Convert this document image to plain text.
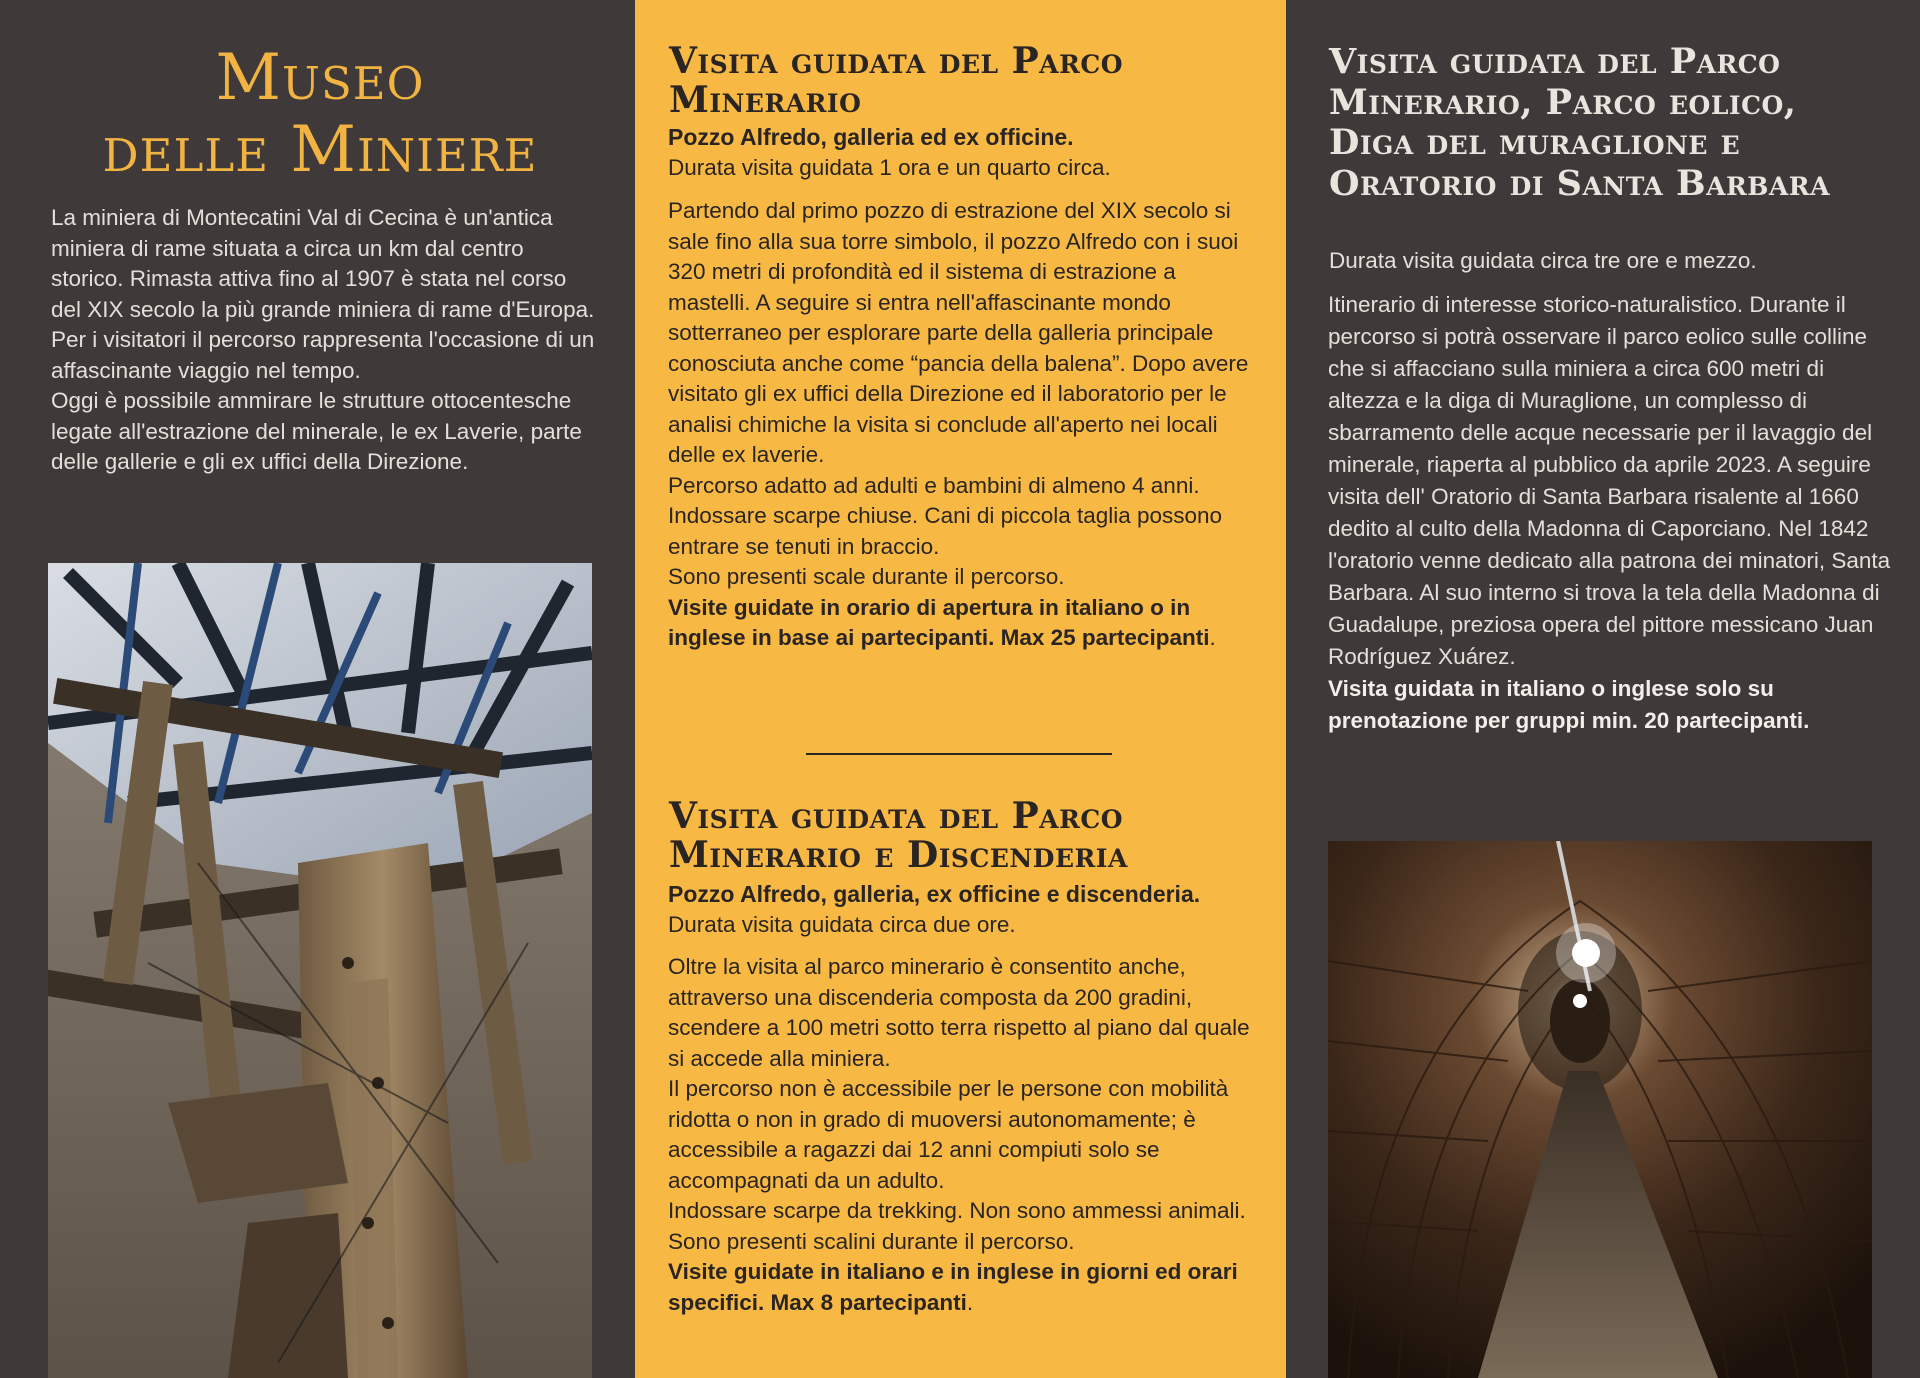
Museo
delle Miniere

La miniera di Montecatini Val di Cecina è un'antica miniera di rame situata a circa un km dal centro storico. Rimasta attiva fino al 1907 è stata nel corso del XIX secolo la più grande miniera di rame d'Europa. Per i visitatori il percorso rappresenta l'occasione di un affascinante viaggio nel tempo.

Oggi è possibile ammirare le strutture ottocentesche legate all'estrazione del minerale, le ex Laverie, parte delle gallerie e gli ex uffici della Direzione.

Visita guidata del Parco Minerario
Pozzo Alfredo, galleria ed ex officine.
Durata visita guidata 1 ora e un quarto circa.

Partendo dal primo pozzo di estrazione del XIX secolo si sale fino alla sua torre simbolo, il pozzo Alfredo con i suoi 320 metri di profondità ed il sistema di estrazione a mastelli. A seguire si entra nell'affascinante mondo sotterraneo per esplorare parte della galleria principale conosciuta anche come “pancia della balena”. Dopo avere visitato gli ex uffici della Direzione ed il laboratorio per le analisi chimiche la visita si conclude all'aperto nei locali delle ex laverie.

Percorso adatto ad adulti e bambini di almeno 4 anni. Indossare scarpe chiuse. Cani di piccola taglia possono entrare se tenuti in braccio.

Sono presenti scale durante il percorso.

Visite guidate in orario di apertura in italiano o in inglese in base ai partecipanti. Max 25 partecipanti.

Visita guidata del Parco Minerario e Discenderia
Pozzo Alfredo, galleria, ex officine e discenderia.
Durata visita guidata circa due ore.

Oltre la visita al parco minerario è consentito anche, attraverso una discenderia composta da 200 gradini, scendere a 100 metri sotto terra rispetto al piano dal quale si accede alla miniera.

Il percorso non è accessibile per le persone con mobilità ridotta o non in grado di muoversi autonomamente; è accessibile a ragazzi dai 12 anni compiuti solo se accompagnati da un adulto.

Indossare scarpe da trekking. Non sono ammessi animali. Sono presenti scalini durante il percorso.

Visite guidate in italiano e in inglese in giorni ed orari specifici. Max 8 partecipanti.

Visita guidata del Parco Minerario, Parco eolico, Diga del muraglione e Oratorio di Santa Barbara
Durata visita guidata circa tre ore e mezzo.

Itinerario di interesse storico-naturalistico. Durante il percorso si potrà osservare il parco eolico sulle colline che si affacciano sulla miniera a circa 600 metri di altezza e la diga di Muraglione, un complesso di sbarramento delle acque necessarie per il lavaggio del minerale, riaperta al pubblico da aprile 2023. A seguire visita dell' Oratorio di Santa Barbara risalente al 1660 dedito al culto della Madonna di Caporciano. Nel 1842 l'oratorio venne dedicato alla patrona dei minatori, Santa Barbara. Al suo interno si trova la tela della Madonna di Guadalupe, preziosa opera del pittore messicano Juan Rodríguez Xuárez.

Visita guidata in italiano o inglese solo su prenotazione per gruppi min. 20 partecipanti.
